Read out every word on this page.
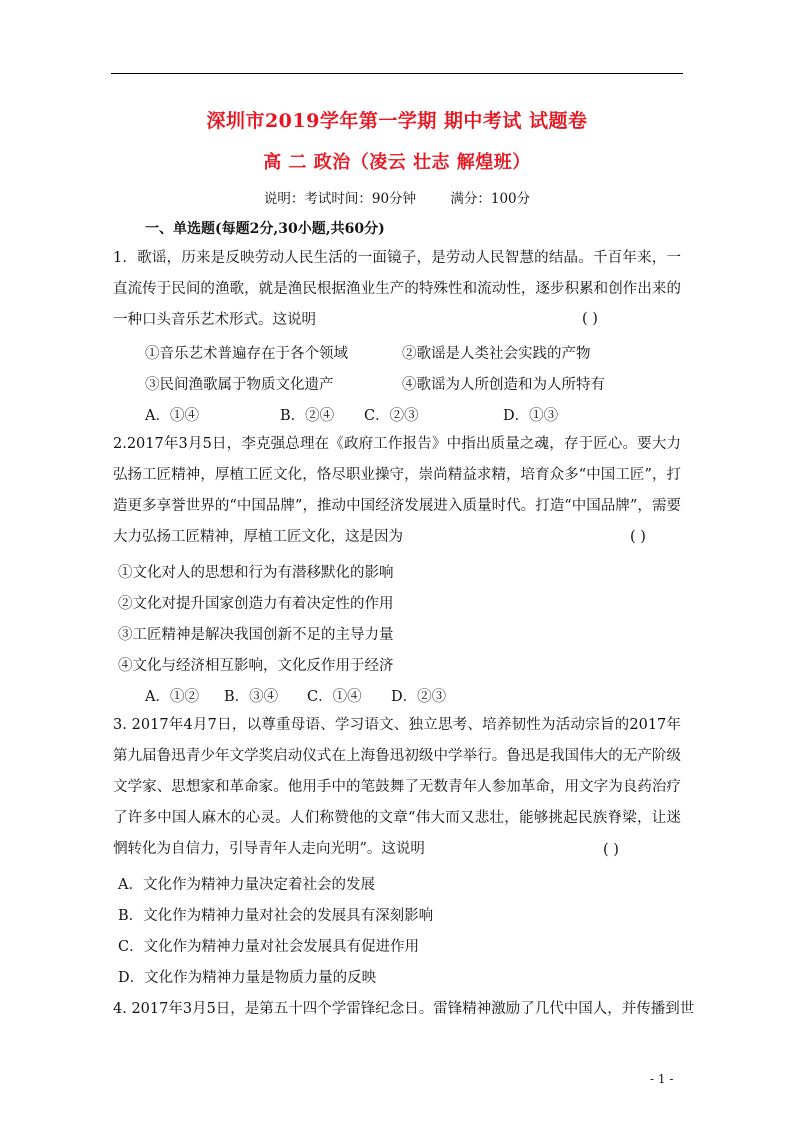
深圳市2019学年第一学期 期中考试 试题卷
高 二 政治（凌云 壮志 解煌班）
说明：考试时间：90分钟        满分：100分
一、单选题(每题2分,30小题,共60分)
1．歌谣，历来是反映劳动人民生活的一面镜子，是劳动人民智慧的结晶。千百年来，一直流传于民间的渔歌，就是渔民根据渔业生产的特殊性和流动性，逐步积累和创作出来的一种口头音乐艺术形式。这说明	( )
①音乐艺术普遍存在于各个领域	②歌谣是人类社会实践的产物
③民间渔歌属于物质文化遗产	④歌谣为人所创造和为人所特有
A．①④	B．②④ C．②③	D．①③
2.2017年3月5日，李克强总理在《政府工作报告》中指出质量之魂，存于匠心。要大力弘扬工匠精神，厚植工匠文化，恪尽职业操守，崇尚精益求精，培育众多“中国工匠”，打造更多享誉世界的“中国品牌”，推动中国经济发展进入质量时代。打造“中国品牌”，需要大力弘扬工匠精神，厚植工匠文化，这是因为	( )
①文化对人的思想和行为有潜移默化的影响
②文化对提升国家创造力有着决定性的作用
③工匠精神是解决我国创新不足的主导力量
④文化与经济相互影响，文化反作用于经济
A．①② B．③④ C．①④ D．②③
3. 2017年4月7日，以尊重母语、学习语文、独立思考、培养韧性为活动宗旨的2017年第九届鲁迅青少年文学奖启动仪式在上海鲁迅初级中学举行。鲁迅是我国伟大的无产阶级文学家、思想家和革命家。他用手中的笔鼓舞了无数青年人参加革命，用文字为良药治疗了许多中国人麻木的心灵。人们称赞他的文章“伟大而又悲壮，能够挑起民族脊梁，让迷惘转化为自信力，引导青年人走向光明”。这说明	( )
A．文化作为精神力量决定着社会的发展
B．文化作为精神力量对社会的发展具有深刻影响
C．文化作为精神力量对社会发展具有促进作用
D．文化作为精神力量是物质力量的反映
4. 2017年3月5日，是第五十四个学雷锋纪念日。雷锋精神激励了几代中国人，并传播到世
- 1 -
